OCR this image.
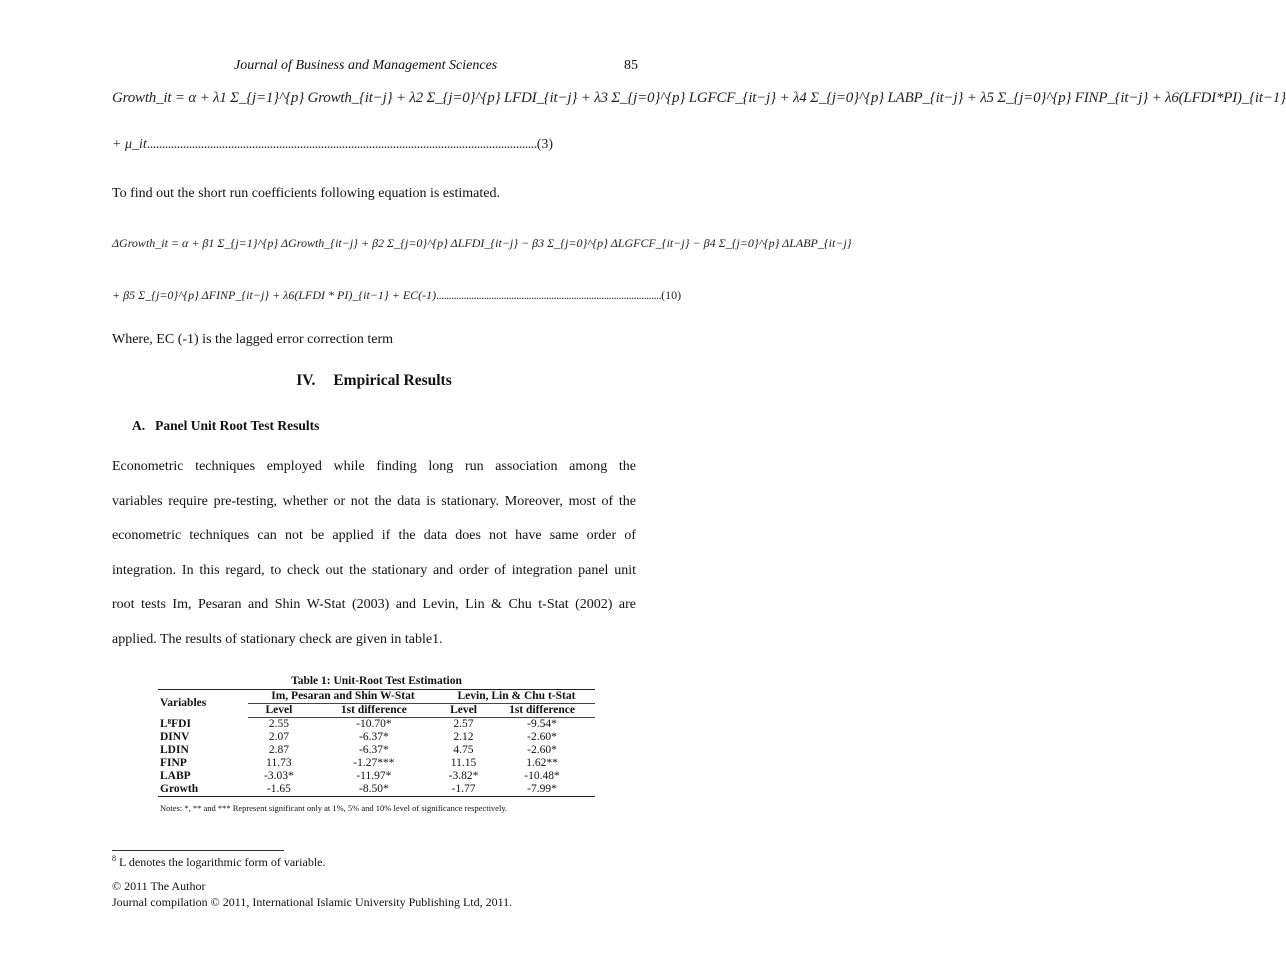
Journal of Business and Management Sciences	85
Growth_it = α + λ1 Σ_{j=1}^{p} Growth_{it−j} + λ2 Σ_{j=0}^{p} LFDI_{it−j} + λ3 Σ_{j=0}^{p} LGFCF_{it−j} + λ4 Σ_{j=0}^{p} LABP_{it−j} + λ5 Σ_{j=0}^{p} FINP_{it−j} + λ6(LFDI*PI)_{it−1}
+ μ_it..................................................................................................................................(3)
To find out the short run coefficients following equation is estimated.
ΔGrowth_it = α + β1 Σ_{j=1}^{p} ΔGrowth_{it−j} + β2 Σ_{j=0}^{p} ΔLFDI_{it−j} − β3 Σ_{j=0}^{p} ΔLGFCF_{it−j} − β4 Σ_{j=0}^{p} ΔLABP_{it−j}
+ β5 Σ_{j=0}^{p} ΔFINP_{it−j} + λ6(LFDI * PI)_{it−1} + EC(-1)..........................................................................................(10)
Where, EC (-1) is the lagged error correction term
IV. Empirical Results
A. Panel Unit Root Test Results
Econometric techniques employed while finding long run association among the
variables require pre-testing, whether or not the data is stationary. Moreover, most of the
econometric techniques can not be applied if the data does not have same order of
integration. In this regard, to check out the stationary and order of integration panel unit
root tests Im, Pesaran and Shin W-Stat (2003) and Levin, Lin & Chu t-Stat (2002) are
applied. The results of stationary check are given in table1.
Table 1: Unit-Root Test Estimation
Variables	Im, Pesaran and Shin W-Stat		Levin, Lin & Chu t-Stat	
	Level	1st difference	Level	1st difference
L⁸FDI	2.55	-10.70*	2.57	-9.54*
DINV	2.07	-6.37*	2.12	-2.60*
LDIN	2.87	-6.37*	4.75	-2.60*
FINP	11.73	-1.27***	11.15	1.62**
LABP	-3.03*	-11.97*	-3.82*	-10.48*
Growth	-1.65	-8.50*	-1.77	-7.99*
Notes: *, ** and *** Represent significant only at 1%, 5% and 10% level of significance respectively.
$^8$ L denotes the logarithmic form of variable.
© 2011 The Author
Journal compilation © 2011, International Islamic University Publishing Ltd, 2011.
